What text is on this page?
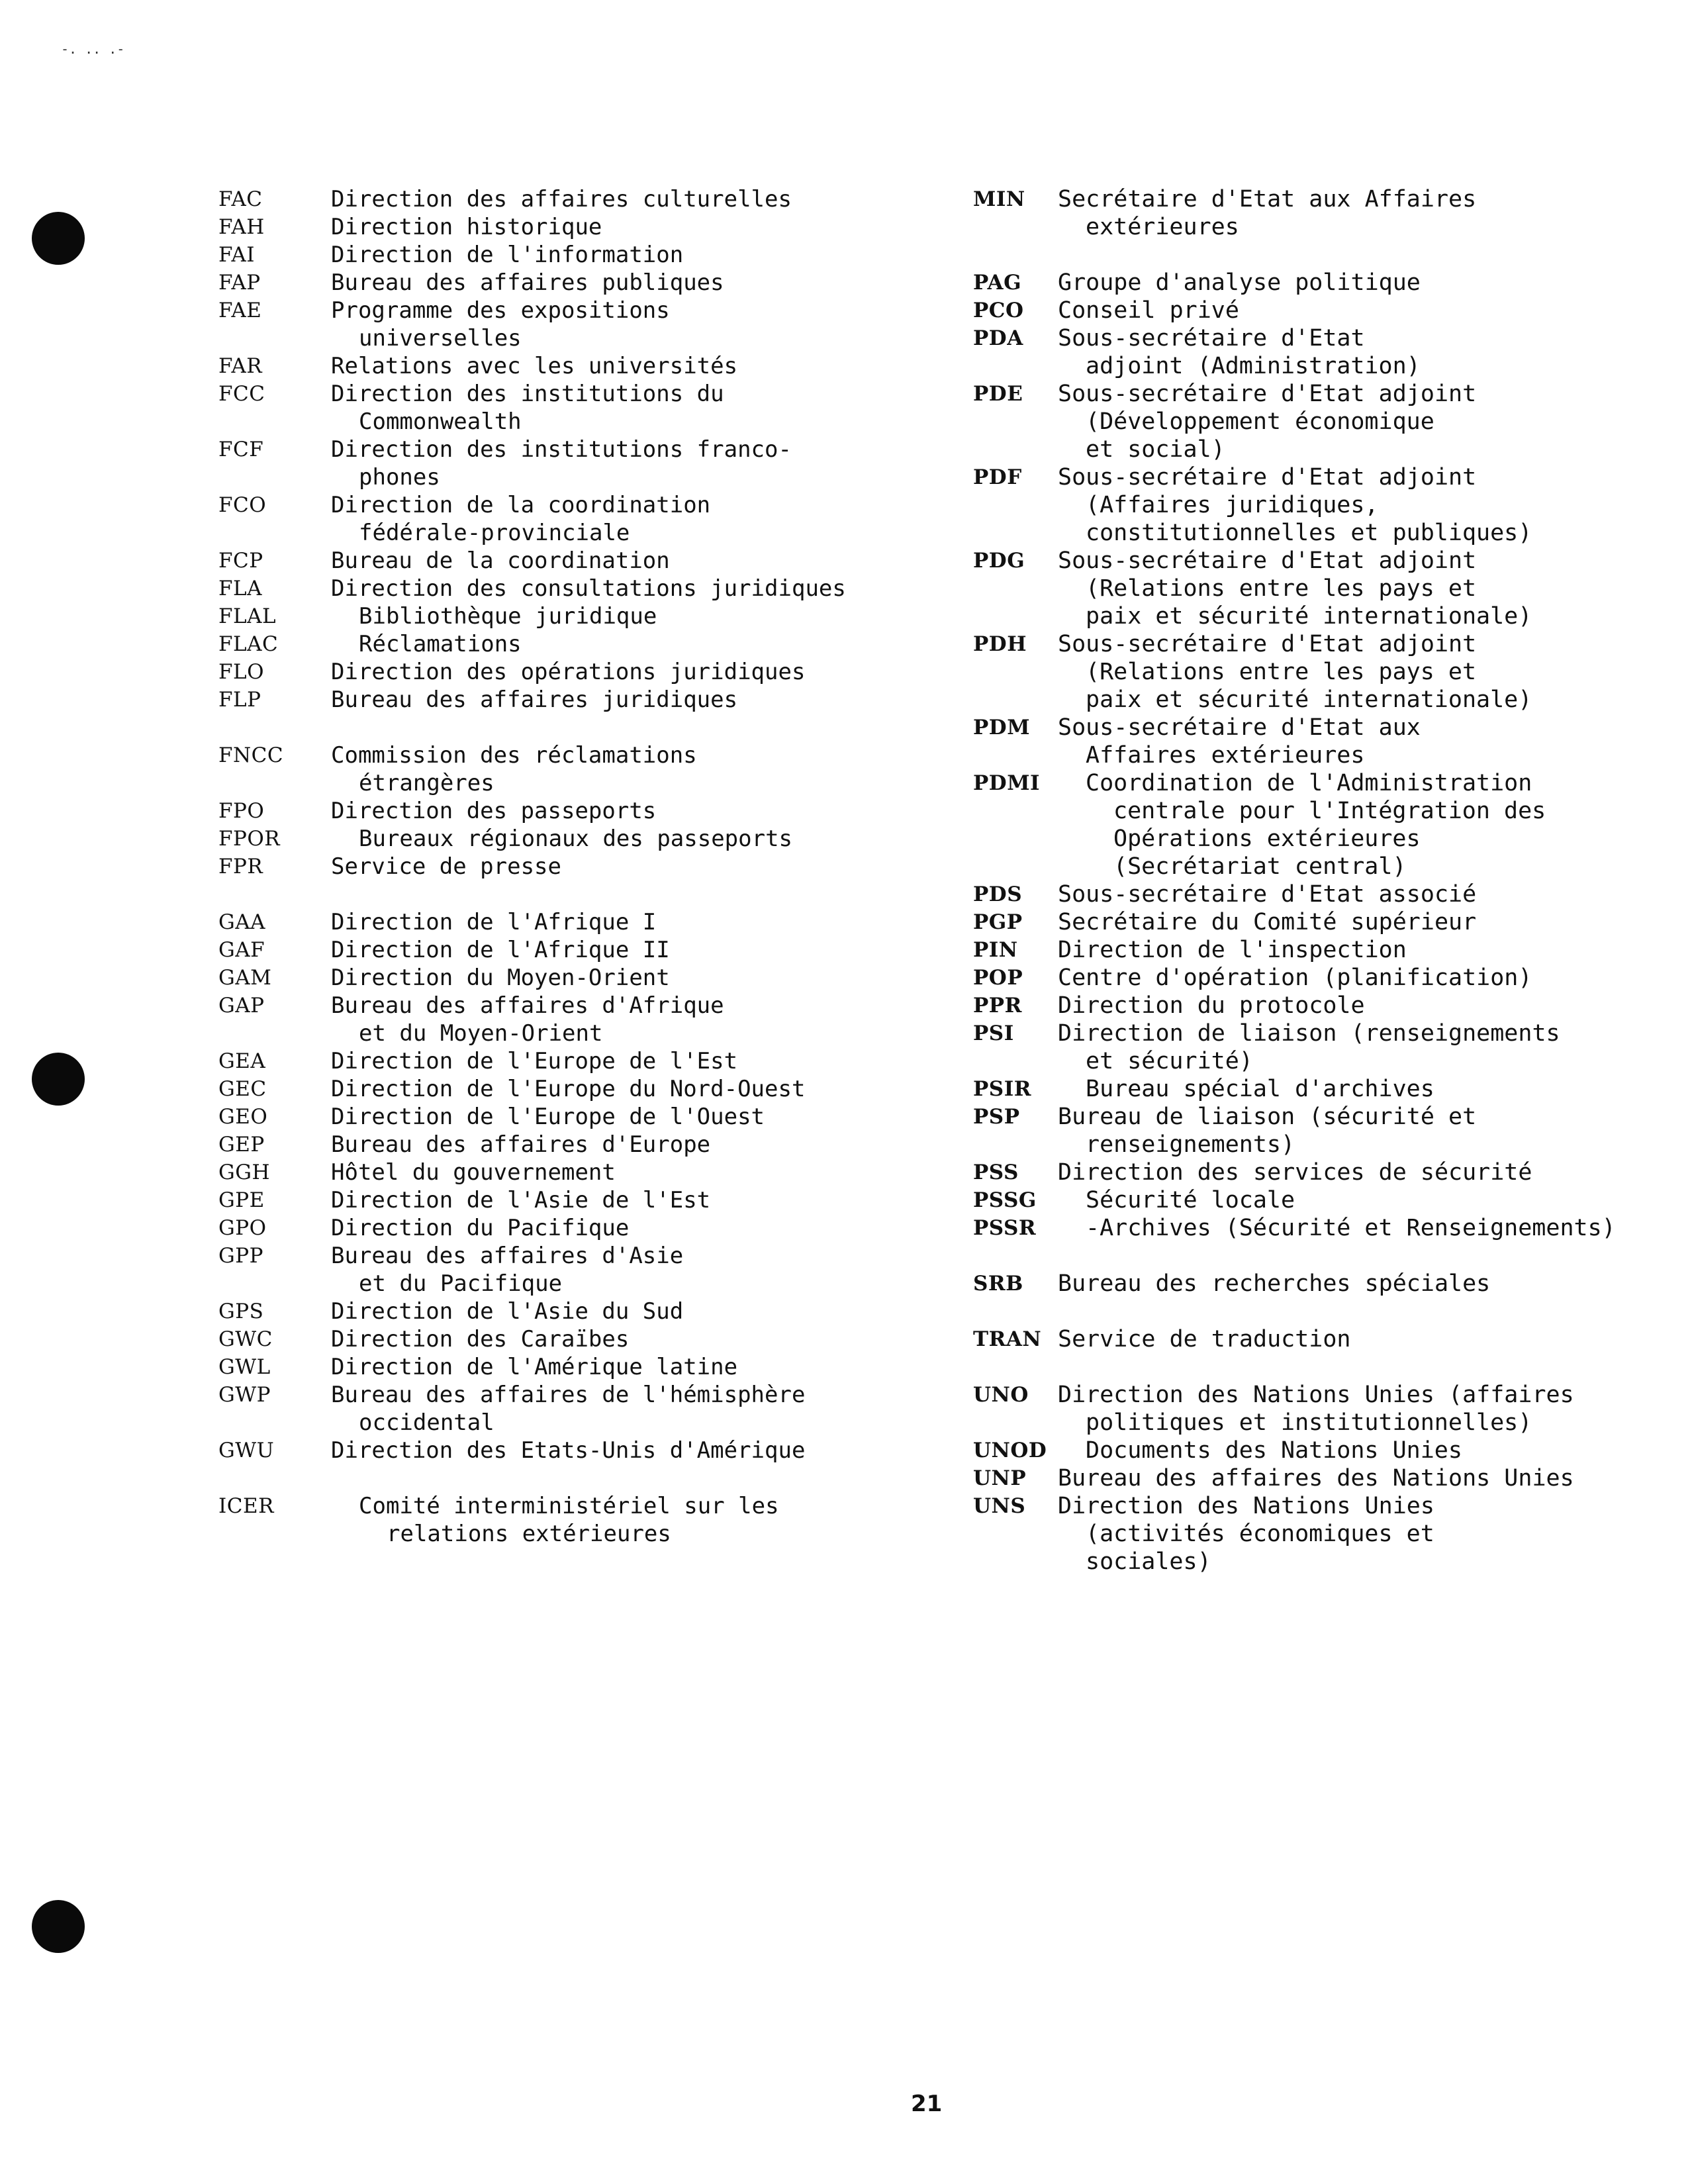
-. .. .-
FAC	Direction des affaires culturelles
FAH	Direction historique
FAI	Direction de l'information
FAP	Bureau des affaires publiques
FAE	Programme des expositions
universelles
FAR	Relations avec les universités
FCC	Direction des institutions du
Commonwealth
FCF	Direction des institutions franco-
phones
FCO	Direction de la coordination
fédérale-provinciale
FCP	Bureau de la coordination
FLA	Direction des consultations juridiques
FLAL	Bibliothèque juridique
FLAC	Réclamations
FLO	Direction des opérations juridiques
FLP	Bureau des affaires juridiques
FNCC	Commission des réclamations
étrangères
FPO	Direction des passeports
FPOR	Bureaux régionaux des passeports
FPR	Service de presse
GAA	Direction de l'Afrique I
GAF	Direction de l'Afrique II
GAM	Direction du Moyen-Orient
GAP	Bureau des affaires d'Afrique
et du Moyen-Orient
GEA	Direction de l'Europe de l'Est
GEC	Direction de l'Europe du Nord-Ouest
GEO	Direction de l'Europe de l'Ouest
GEP	Bureau des affaires d'Europe
GGH	Hôtel du gouvernement
GPE	Direction de l'Asie de l'Est
GPO	Direction du Pacifique
GPP	Bureau des affaires d'Asie
et du Pacifique
GPS	Direction de l'Asie du Sud
GWC	Direction des Caraïbes
GWL	Direction de l'Amérique latine
GWP	Bureau des affaires de l'hémisphère
occidental
GWU	Direction des Etats-Unis d'Amérique
ICER	Comité interministériel sur les
relations extérieures
MIN	Secrétaire d'Etat aux Affaires
extérieures
PAG	Groupe d'analyse politique
PCO	Conseil privé
PDA	Sous-secrétaire d'Etat
adjoint (Administration)
PDE	Sous-secrétaire d'Etat adjoint
(Développement économique
et social)
PDF	Sous-secrétaire d'Etat adjoint
(Affaires juridiques,
constitutionnelles et publiques)
PDG	Sous-secrétaire d'Etat adjoint
(Relations entre les pays et
paix et sécurité internationale)
PDH	Sous-secrétaire d'Etat adjoint
(Relations entre les pays et
paix et sécurité internationale)
PDM	Sous-secrétaire d'Etat aux
Affaires extérieures
PDMI	Coordination de l'Administration
centrale pour l'Intégration des
Opérations extérieures
(Secrétariat central)
PDS	Sous-secrétaire d'Etat associé
PGP	Secrétaire du Comité supérieur
PIN	Direction de l'inspection
POP	Centre d'opération (planification)
PPR	Direction du protocole
PSI	Direction de liaison (renseignements
et sécurité)
PSIR	Bureau spécial d'archives
PSP	Bureau de liaison (sécurité et
renseignements)
PSS	Direction des services de sécurité
PSSG	Sécurité locale
PSSR	-Archives (Sécurité et Renseignements)
SRB	Bureau des recherches spéciales
TRAN Service de traduction
UNO	Direction des Nations Unies (affaires
politiques et institutionnelles)
UNOD	Documents des Nations Unies
UNP	Bureau des affaires des Nations Unies
UNS	Direction des Nations Unies
(activités économiques et
sociales)
21
